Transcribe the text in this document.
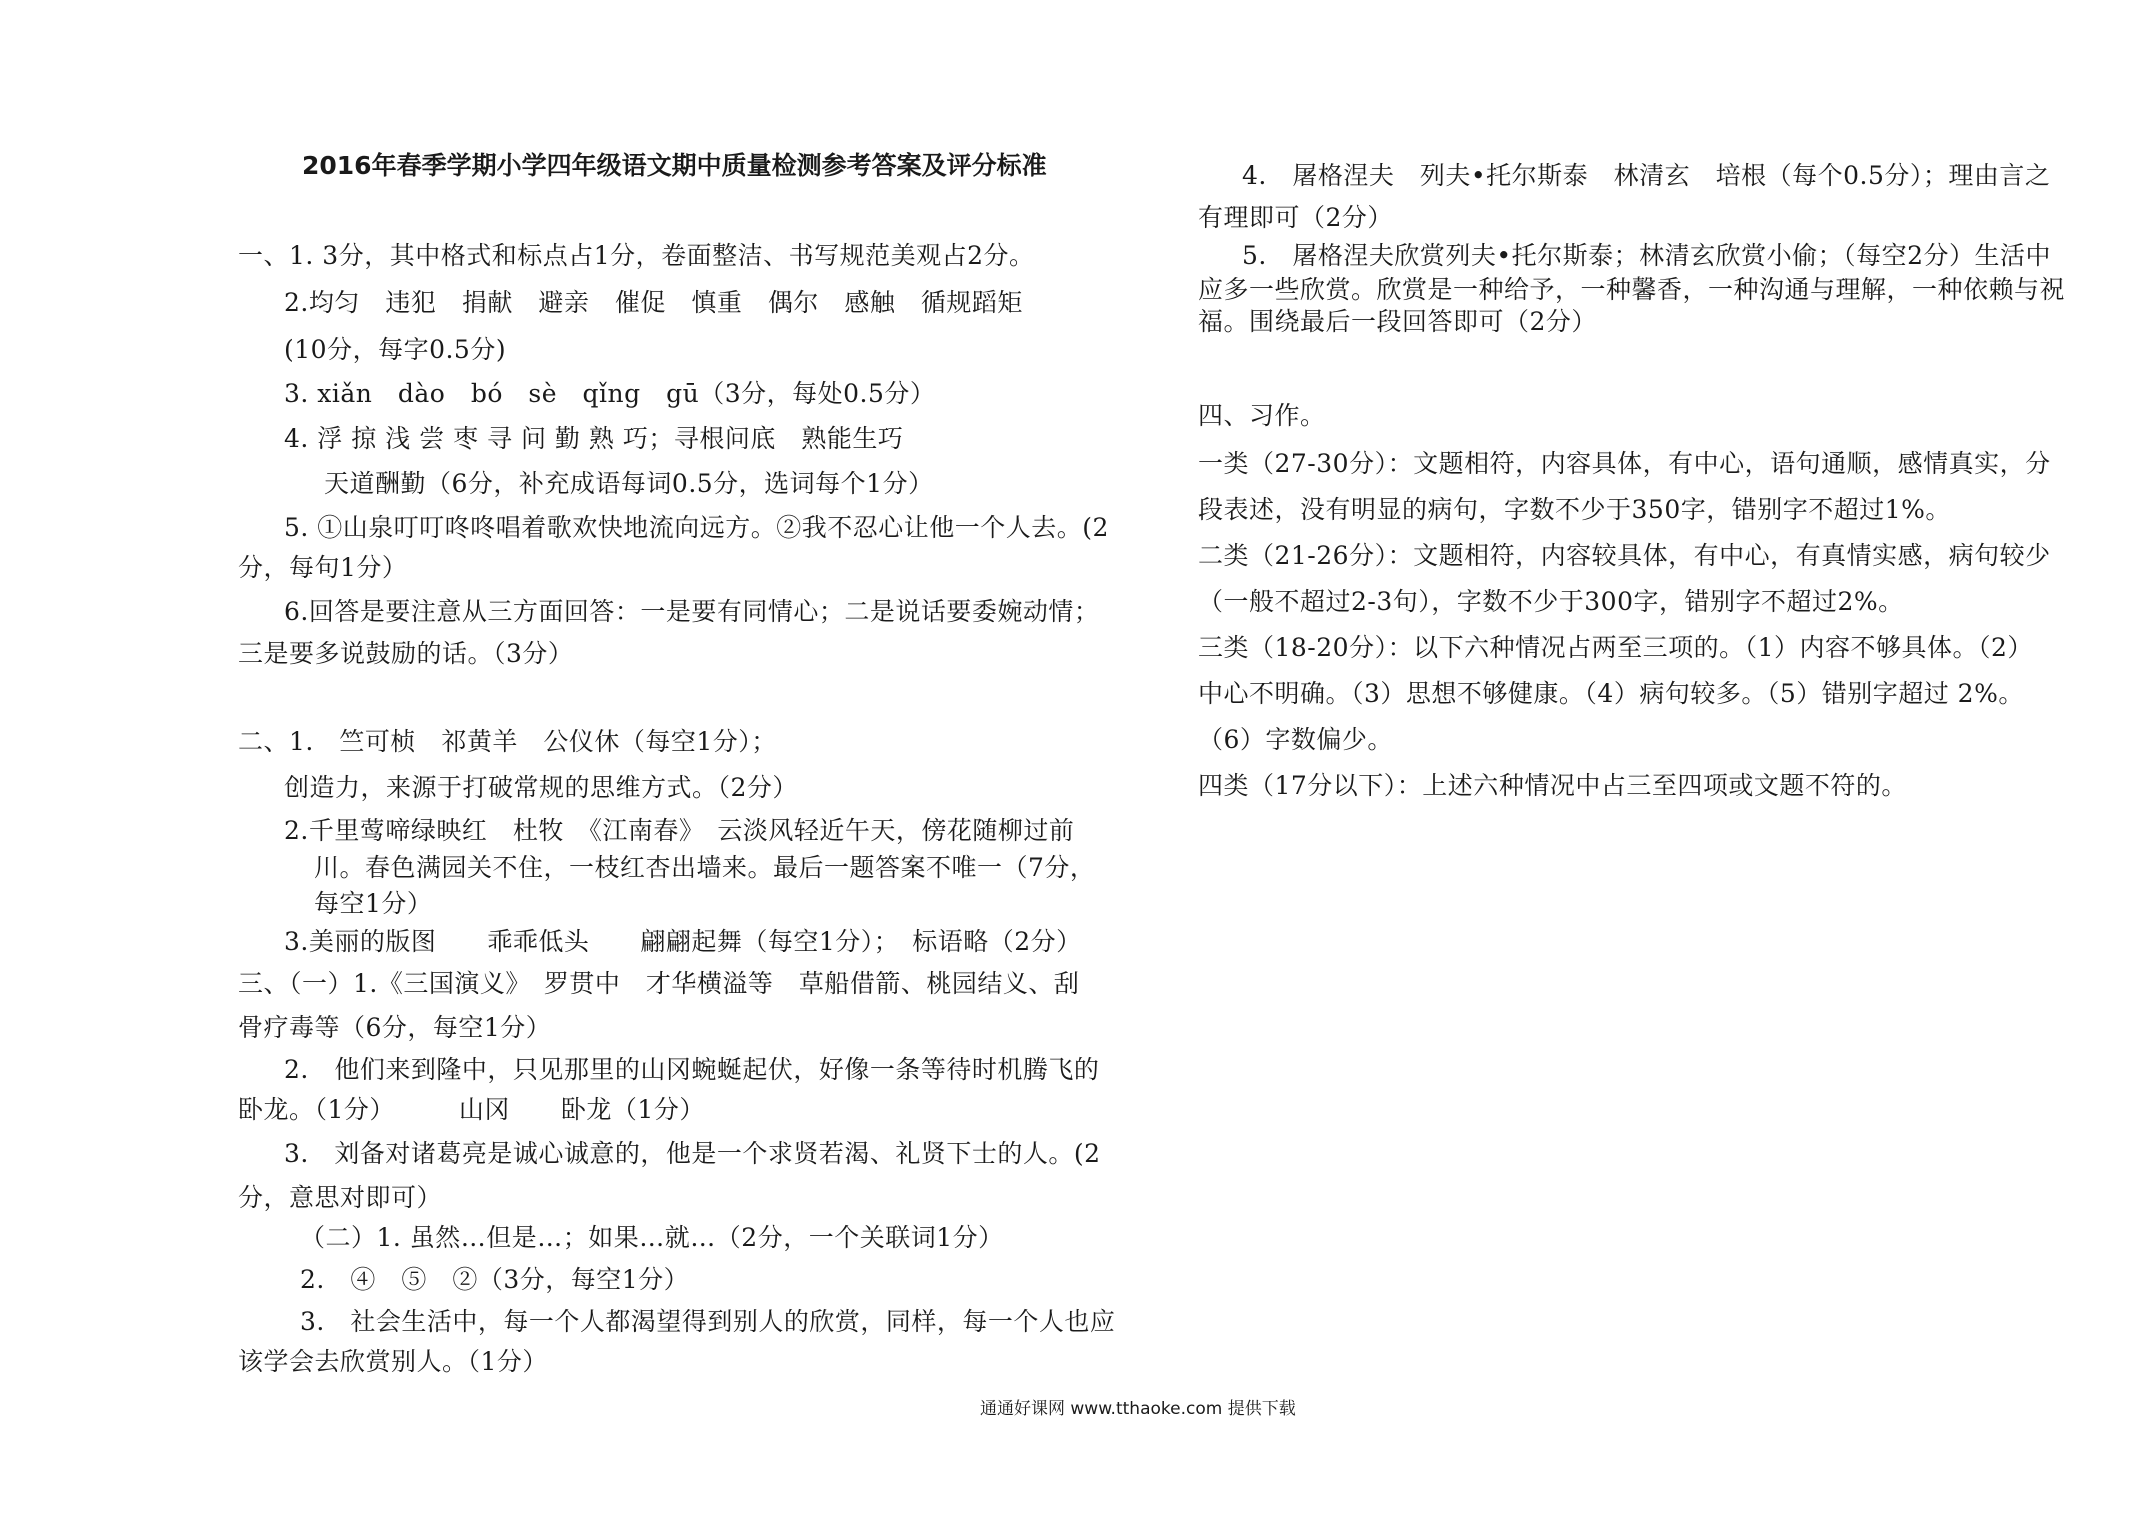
2016年春季学期小学四年级语文期中质量检测参考答案及评分标准
一、1. 3分，其中格式和标点占1分，卷面整洁、书写规范美观占2分。
2.均匀　违犯　捐献　避亲　催促　慎重　偶尔　感触　循规蹈矩
(10分，每字0.5分)
3. xiǎn　dào　bó　sè　qǐng　gū（3分，每处0.5分）
4. 浮 掠 浅 尝 枣 寻 问 勤 熟 巧；寻根问底　熟能生巧
天道酬勤（6分，补充成语每词0.5分，选词每个1分）
5. ①山泉叮叮咚咚唱着歌欢快地流向远方。②我不忍心让他一个人去。(2
分，每句1分）
6.回答是要注意从三方面回答：一是要有同情心；二是说话要委婉动情；
三是要多说鼓励的话。（3分）
二、1.　竺可桢　祁黄羊　公仪休（每空1分）；
创造力，来源于打破常规的思维方式。（2分）
2.千里莺啼绿映红　杜牧　《江南春》　云淡风轻近午天，傍花随柳过前
川。春色满园关不住，一枝红杏出墙来。最后一题答案不唯一（7分，
每空1分）
3.美丽的版图　　乖乖低头　　翩翩起舞（每空1分）；　标语略（2分）
三、（一）1.《三国演义》　罗贯中　才华横溢等　草船借箭、桃园结义、刮
骨疗毒等（6分，每空1分）
2.　他们来到隆中，只见那里的山冈蜿蜒起伏，好像一条等待时机腾飞的
卧龙。（1分）　　　山冈　　卧龙（1分）
3.　刘备对诸葛亮是诚心诚意的，他是一个求贤若渴、礼贤下士的人。(2
分，意思对即可）
（二）1. 虽然…但是…；如果…就…（2分，一个关联词1分）
2.　④　⑤　②（3分，每空1分）
3.　社会生活中，每一个人都渴望得到别人的欣赏，同样，每一个人也应
该学会去欣赏别人。（1分）
4.　屠格涅夫　列夫•托尔斯泰　林清玄　培根（每个0.5分）；理由言之
有理即可（2分）
5.　屠格涅夫欣赏列夫•托尔斯泰；林清玄欣赏小偷；（每空2分）生活中
应多一些欣赏。欣赏是一种给予，一种馨香，一种沟通与理解，一种依赖与祝
福。围绕最后一段回答即可（2分）
四、习作。
一类（27-30分）：文题相符，内容具体，有中心，语句通顺，感情真实，分
段表述，没有明显的病句，字数不少于350字，错别字不超过1%。
二类（21-26分）：文题相符，内容较具体，有中心，有真情实感，病句较少
（一般不超过2-3句），字数不少于300字，错别字不超过2%。
三类（18-20分）：以下六种情况占两至三项的。（1）内容不够具体。（2）
中心不明确。（3）思想不够健康。（4）病句较多。（5）错别字超过 2%。
（6）字数偏少。
四类（17分以下）：上述六种情况中占三至四项或文题不符的。
通通好课网 www.tthaoke.com 提供下载
